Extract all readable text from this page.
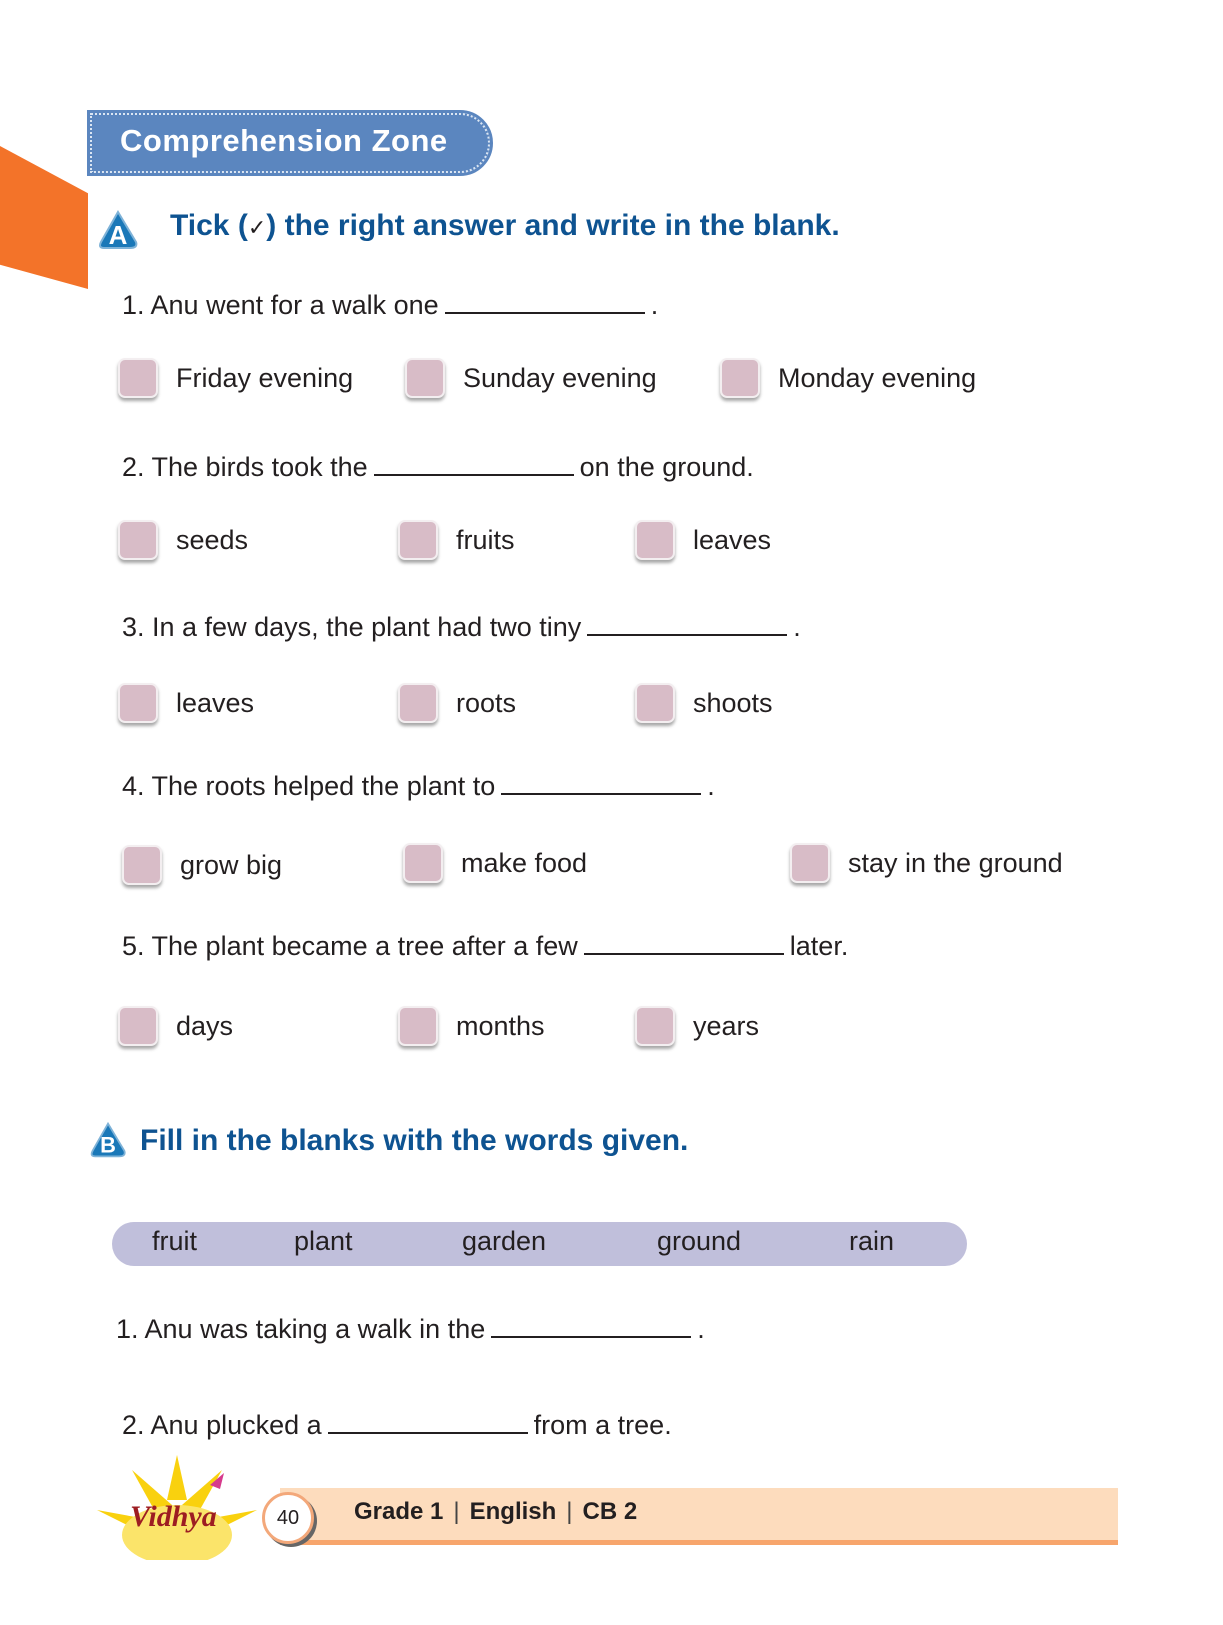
Comprehension Zone
A Tick (✓) the right answer and write in the blank.
1. Anu went for a walk one	.
Friday evening	Sunday evening	Monday evening
2. The birds took the	on the ground.
seeds	fruits	leaves
3. In a few days, the plant had two tiny	.
leaves	roots	shoots
4. The roots helped the plant to	.
grow big	make food	stay in the ground
5. The plant became a tree after a few	later.
days	months	years
B Fill in the blanks with the words given.
fruit	plant	garden	ground	rain
1. Anu was taking a walk in the	.
2. Anu plucked a	from a tree.
Vidhya	Grade 1 | English | CB 2
40
